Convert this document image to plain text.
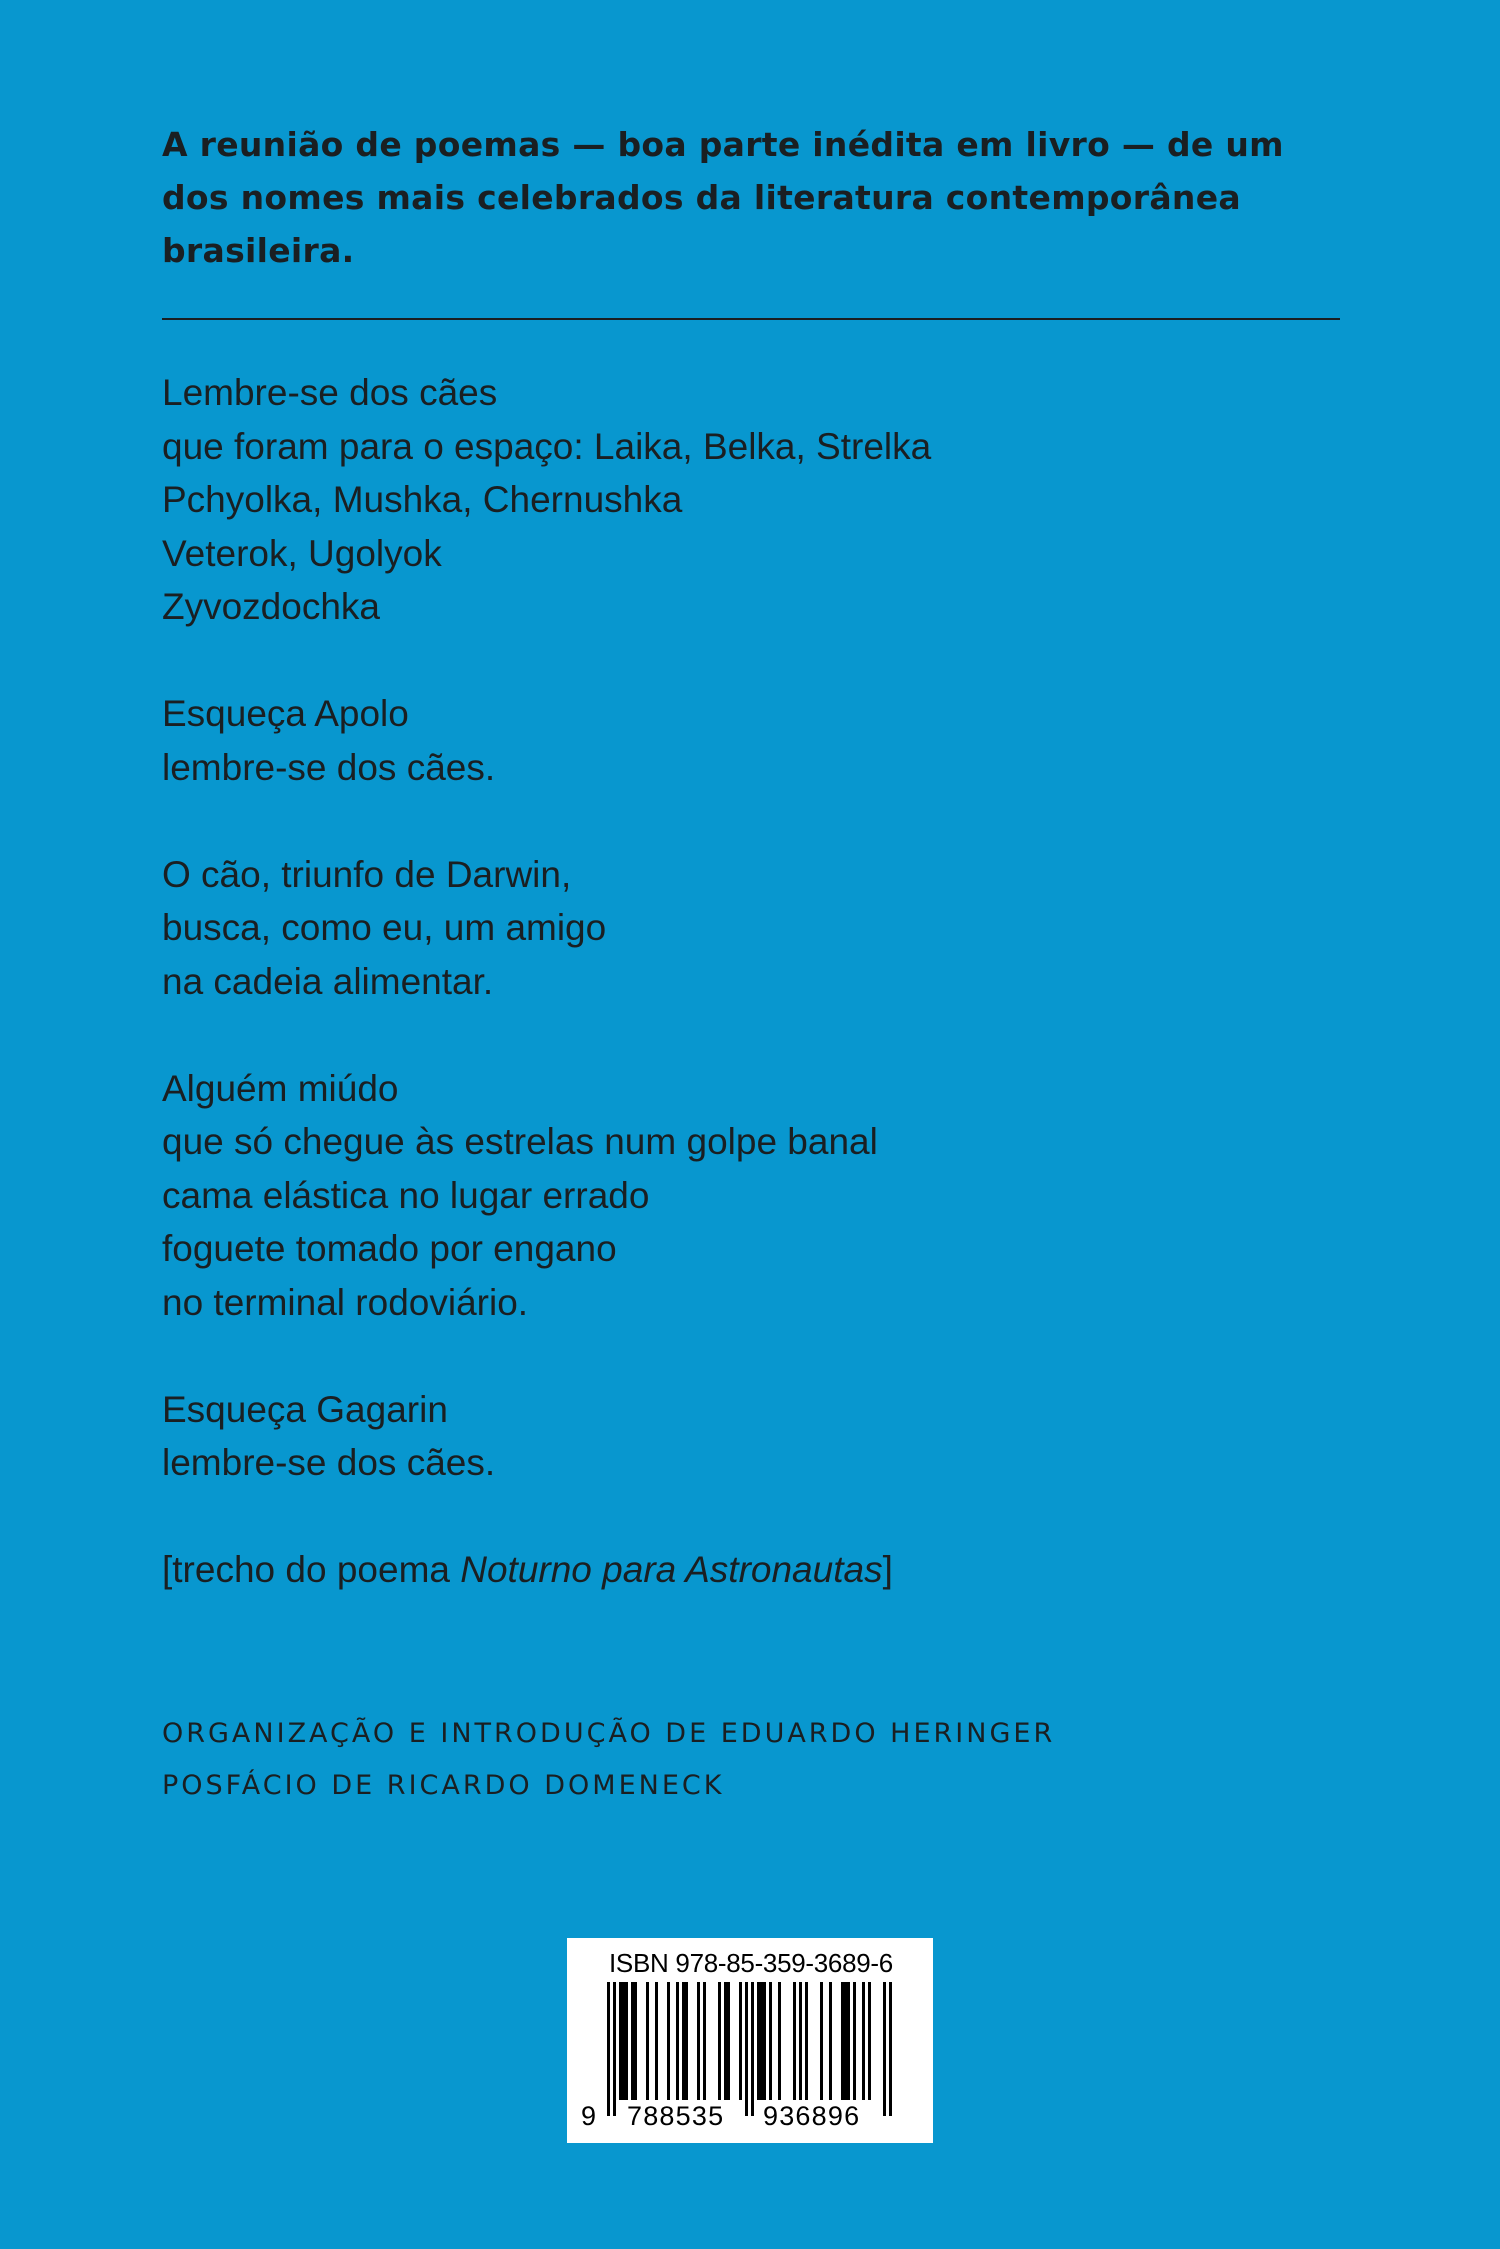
A reunião de poemas — boa parte inédita em livro — de um
dos nomes mais celebrados da literatura contemporânea
brasileira.
Lembre-se dos cães
que foram para o espaço: Laika, Belka, Strelka
Pchyolka, Mushka, Chernushka
Veterok, Ugolyok
Zyvozdochka
Esqueça Apolo
lembre-se dos cães.
O cão, triunfo de Darwin,
busca, como eu, um amigo
na cadeia alimentar.
Alguém miúdo
que só chegue às estrelas num golpe banal
cama elástica no lugar errado
foguete tomado por engano
no terminal rodoviário.
Esqueça Gagarin
lembre-se dos cães.
[trecho do poema Noturno para Astronautas]
ORGANIZAÇÃO E INTRODUÇÃO DE EDUARDO HERINGER
POSFÁCIO DE RICARDO DOMENECK
ISBN 978-85-359-3689-6
9 788535 936896
